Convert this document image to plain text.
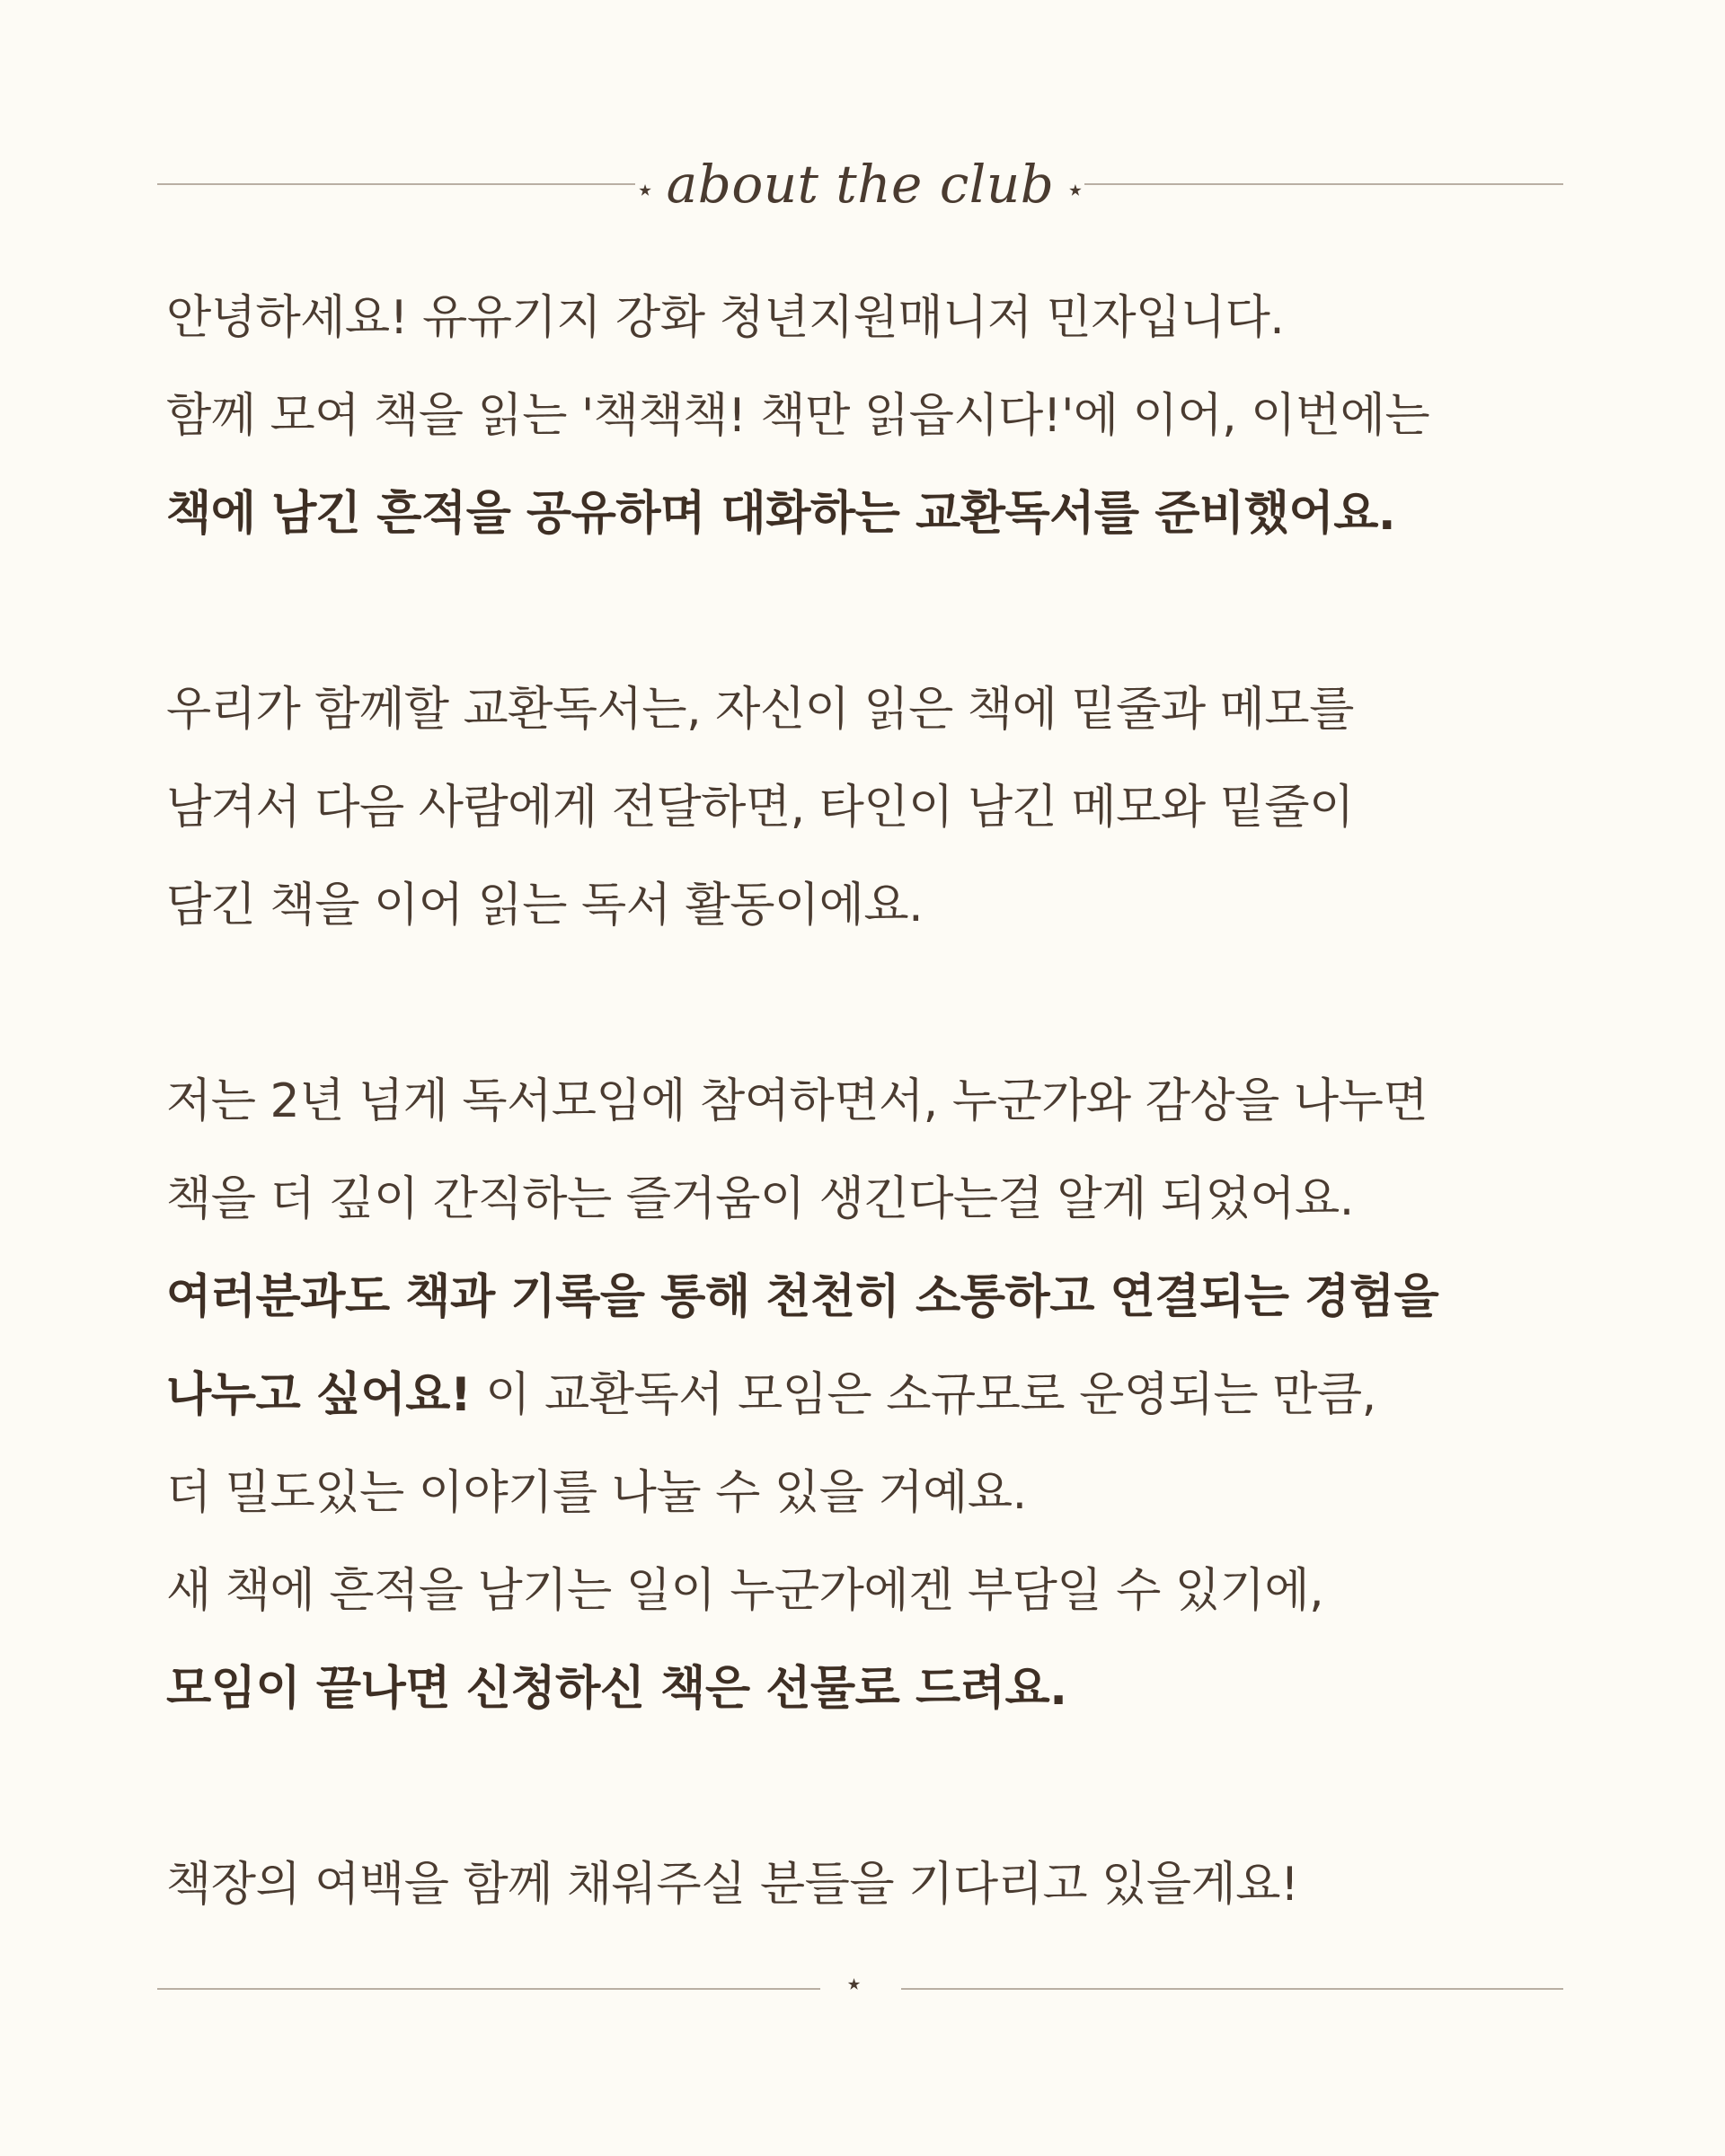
⭑ about the club ⭑
안녕하세요! 유유기지 강화 청년지원매니저 민자입니다.
함께 모여 책을 읽는 '책책책! 책만 읽읍시다!'에 이어, 이번에는
책에 남긴 흔적을 공유하며 대화하는 교환독서를 준비했어요.
우리가 함께할 교환독서는, 자신이 읽은 책에 밑줄과 메모를
남겨서 다음 사람에게 전달하면, 타인이 남긴 메모와 밑줄이
담긴 책을 이어 읽는 독서 활동이에요.
저는 2년 넘게 독서모임에 참여하면서, 누군가와 감상을 나누면
책을 더 깊이 간직하는 즐거움이 생긴다는걸 알게 되었어요.
여러분과도 책과 기록을 통해 천천히 소통하고 연결되는 경험을
나누고 싶어요! 이 교환독서 모임은 소규모로 운영되는 만큼,
더 밀도있는 이야기를 나눌 수 있을 거예요.
새 책에 흔적을 남기는 일이 누군가에겐 부담일 수 있기에,
모임이 끝나면 신청하신 책은 선물로 드려요.
책장의 여백을 함께 채워주실 분들을 기다리고 있을게요!
⭑
